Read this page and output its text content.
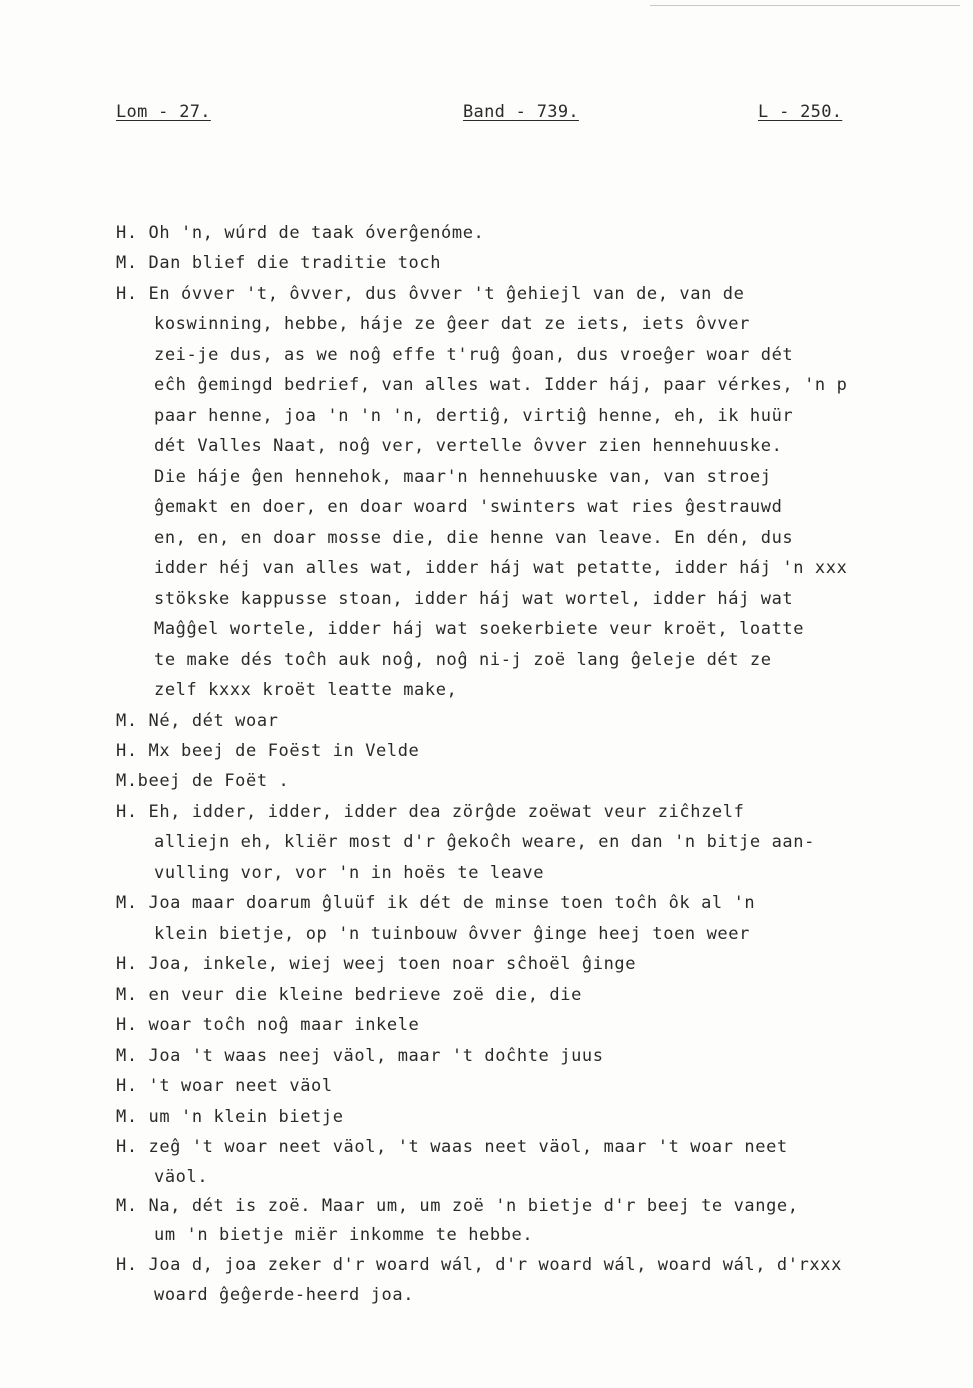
Lom - 27.	Band - 739.	L - 250.
H. Oh 'n, wúrd de taak óverĝenóme.
M. Dan blief die traditie toch
H. En óvver 't, ôvver, dus ôvver 't ĝehiejl van de, van de
koswinning, hebbe, háje ze ĝeer dat ze iets, iets ôvver
zei-je dus, as we noĝ effe t'ruĝ ĝoan, dus vroeĝer woar dét
eĉh ĝemingd bedrief, van alles wat. Idder háj, paar vérkes, 'n p
paar henne, joa 'n 'n 'n, dertiĝ, virtiĝ henne, eh, ik huür
dét Valles Naat, noĝ ver, vertelle ôvver zien hennehuuske.
Die háje ĝen hennehok, maar'n hennehuuske van, van stroej
ĝemakt en doer, en doar woard 'swinters wat ries ĝestrauwd
en, en, en doar mosse die, die henne van leave. En dén, dus
idder héj van alles wat, idder háj wat petatte, idder háj 'n xxx
stökske kappusse stoan, idder háj wat wortel, idder háj wat
Maĝĝel wortele, idder háj wat soekerbiete veur kroët, loatte
te make dés toĉh auk noĝ, noĝ ni-j zoë lang ĝeleje dét ze
zelf kxxx kroët leatte make,
M. Né, dét woar
H. Mx beej de Foëst in Velde
M.beej de Foët .
H. Eh, idder, idder, idder dea zörĝde zoëwat veur ziĉhzelf
alliejn eh, kliër most d'r ĝekoĉh weare, en dan 'n bitje aan-
vulling vor, vor 'n in hoës te leave
M. Joa maar doarum ĝluüf ik dét de minse toen toĉh ôk al 'n
klein bietje, op 'n tuinbouw ôvver ĝinge heej toen weer
H. Joa, inkele, wiej weej toen noar sĉhoël ĝinge
M. en veur die kleine bedrieve zoë die, die
H. woar toĉh noĝ maar inkele
M. Joa 't waas neej väol, maar 't doĉhte juus
H. 't woar neet väol
M. um 'n klein bietje
H. zeĝ 't woar neet väol, 't waas neet väol, maar 't woar neet
väol.
M. Na, dét is zoë. Maar um, um zoë 'n bietje d'r beej te vange,
um 'n bietje miër inkomme te hebbe.
H. Joa d, joa zeker d'r woard wál, d'r woard wál, woard wál, d'rxxx
woard ĝeĝerde-heerd joa.
